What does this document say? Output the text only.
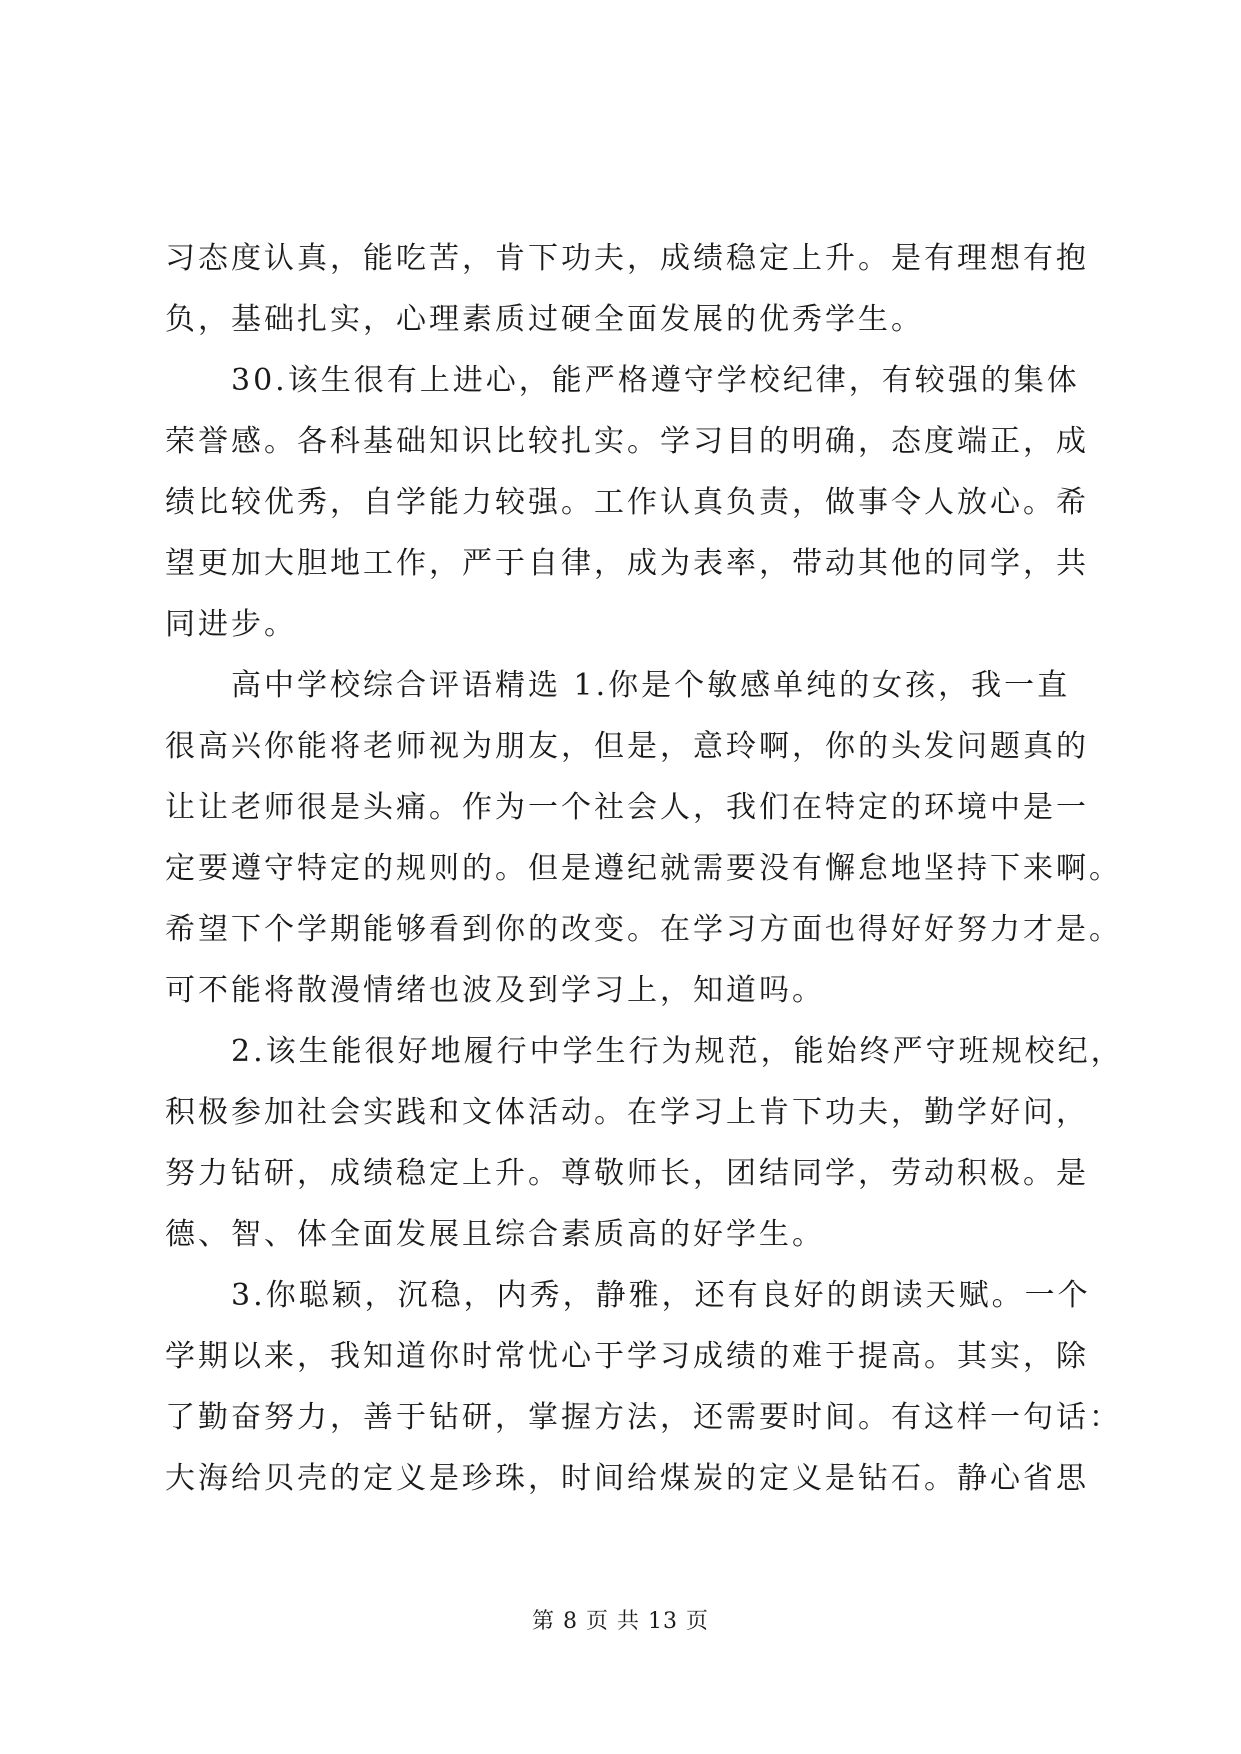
习态度认真，能吃苦，肯下功夫，成绩稳定上升。是有理想有抱
负，基础扎实，心理素质过硬全面发展的优秀学生。
30.该生很有上进心，能严格遵守学校纪律，有较强的集体
荣誉感。各科基础知识比较扎实。学习目的明确，态度端正，成
绩比较优秀，自学能力较强。工作认真负责，做事令人放心。希
望更加大胆地工作，严于自律，成为表率，带动其他的同学，共
同进步。
高中学校综合评语精选 1.你是个敏感单纯的女孩，我一直
很高兴你能将老师视为朋友，但是，意玲啊，你的头发问题真的
让让老师很是头痛。作为一个社会人，我们在特定的环境中是一
定要遵守特定的规则的。但是遵纪就需要没有懈怠地坚持下来啊。
希望下个学期能够看到你的改变。在学习方面也得好好努力才是。
可不能将散漫情绪也波及到学习上，知道吗。
2.该生能很好地履行中学生行为规范，能始终严守班规校纪，
积极参加社会实践和文体活动。在学习上肯下功夫，勤学好问，
努力钻研，成绩稳定上升。尊敬师长，团结同学，劳动积极。是
德、智、体全面发展且综合素质高的好学生。
3.你聪颖，沉稳，内秀，静雅，还有良好的朗读天赋。一个
学期以来，我知道你时常忧心于学习成绩的难于提高。其实，除
了勤奋努力，善于钻研，掌握方法，还需要时间。有这样一句话：
大海给贝壳的定义是珍珠，时间给煤炭的定义是钻石。静心省思
第 8 页 共 13 页
